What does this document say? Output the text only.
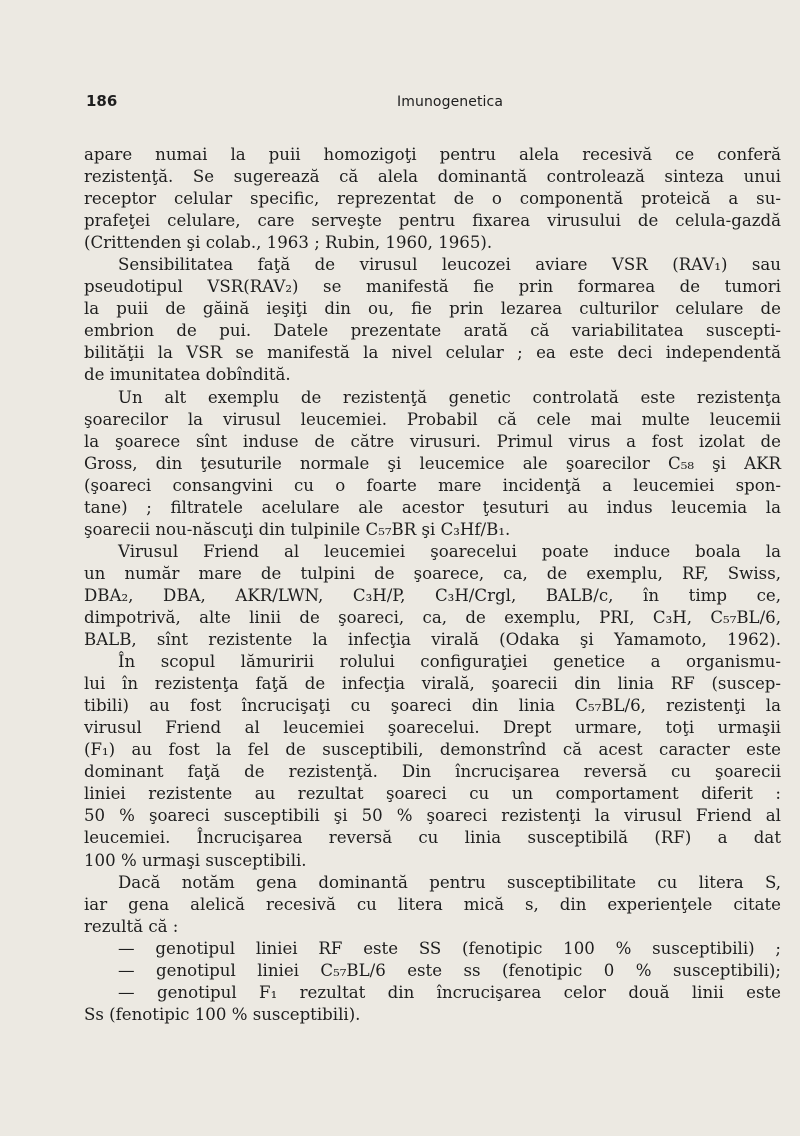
186	Imunogenetica
apare numai la puii homozigoţi pentru alela recesivă ce conferă
rezistenţă. Se sugerează că alela dominantă controlează sinteza unui
receptor celular specific, reprezentat de o componentă proteică a su-
prafeţei celulare, care serveşte pentru fixarea virusului de celula-gazdă
(Crittenden şi colab., 1963 ; Rubin, 1960, 1965).
Sensibilitatea faţă de virusul leucozei aviare VSR (RAV₁) sau
pseudotipul VSR(RAV₂) se manifestă fie prin formarea de tumori
la puii de găină ieşiţi din ou, fie prin lezarea culturilor celulare de
embrion de pui. Datele prezentate arată că variabilitatea suscepti-
bilităţii la VSR se manifestă la nivel celular ; ea este deci independentă
de imunitatea dobîndită.
Un alt exemplu de rezistenţă genetic controlată este rezistenţa
şoarecilor la virusul leucemiei. Probabil că cele mai multe leucemii
la şoarece sînt induse de către virusuri. Primul virus a fost izolat de
Gross, din ţesuturile normale şi leucemice ale şoarecilor C₅₈ şi AKR
(şoareci consangvini cu o foarte mare incidenţă a leucemiei spon-
tane) ; filtratele acelulare ale acestor ţesuturi au indus leucemia la
şoarecii nou-născuţi din tulpinile C₅₇BR şi C₃Hf/B₁.
Virusul Friend al leucemiei şoarecelui poate induce boala la
un număr mare de tulpini de şoarece, ca, de exemplu, RF, Swiss,
DBA₂, DBA, AKR/LWN, C₃H/P, C₃H/Crgl, BALB/c, în timp ce,
dimpotrivă, alte linii de şoareci, ca, de exemplu, PRI, C₃H, C₅₇BL/6,
BALB, sînt rezistente la infecţia virală (Odaka şi Yamamoto, 1962).
În scopul lămuririi rolului configuraţiei genetice a organismu-
lui în rezistenţa faţă de infecţia virală, şoarecii din linia RF (suscep-
tibili) au fost încrucişaţi cu şoareci din linia C₅₇BL/6, rezistenţi la
virusul Friend al leucemiei şoarecelui. Drept urmare, toţi urmaşii
(F₁) au fost la fel de susceptibili, demonstrînd că acest caracter este
dominant faţă de rezistenţă. Din încrucişarea reversă cu şoarecii
liniei rezistente au rezultat şoareci cu un comportament diferit :
50 % şoareci susceptibili şi 50 % şoareci rezistenţi la virusul Friend al
leucemiei. Încrucişarea reversă cu linia susceptibilă (RF) a dat
100 % urmaşi susceptibili.
Dacă notăm gena dominantă pentru susceptibilitate cu litera S,
iar gena alelică recesivă cu litera mică s, din experienţele citate
rezultă că :
— genotipul liniei RF este SS (fenotipic 100 % susceptibili) ;
— genotipul liniei C₅₇BL/6 este ss (fenotipic 0 % susceptibili);
— genotipul F₁ rezultat din încrucişarea celor două linii este
Ss (fenotipic 100 % susceptibili).
